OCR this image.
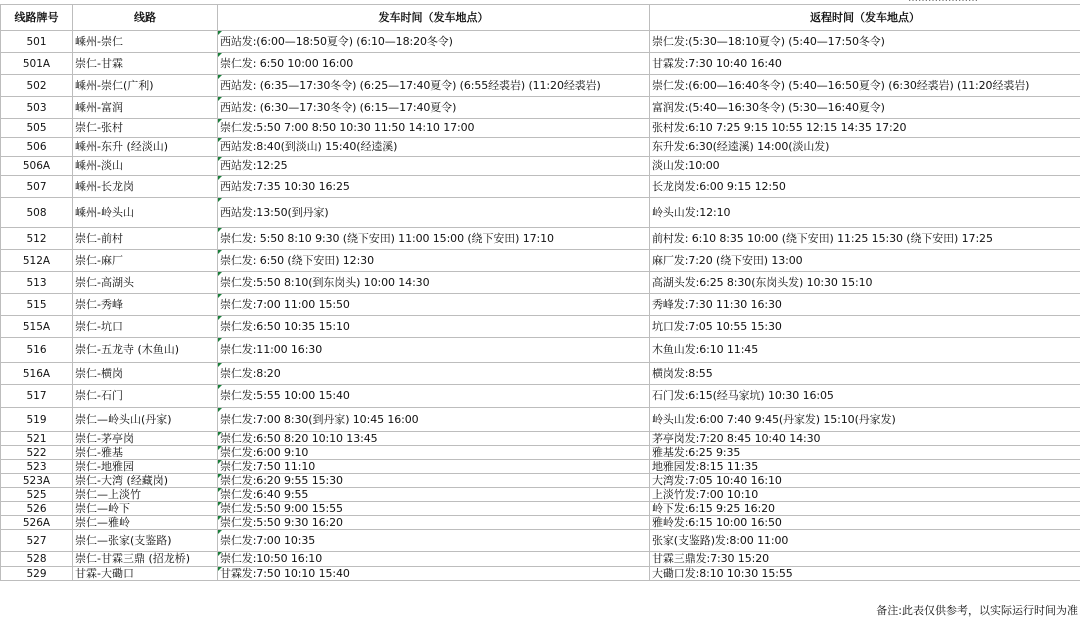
线路牌号	线路	发车时间（发车地点）	返程时间（发车地点）
501	嵊州-崇仁	西站发:(6:00—18:50夏令) (6:10—18:20冬令)	崇仁发:(5:30—18:10夏令) (5:40—17:50冬令)
501A	崇仁-甘霖	崇仁发: 6:50 10:00 16:00	甘霖发:7:30 10:40 16:40
502	嵊州-崇仁(广利)	西站发: (6:35—17:30冬令) (6:25—17:40夏令) (6:55经裘岩) (11:20经裘岩)	崇仁发:(6:00—16:40冬令) (5:40—16:50夏令) (6:30经裘岩) (11:20经裘岩)
503	嵊州-富润	西站发: (6:30—17:30冬令) (6:15—17:40夏令)	富润发:(5:40—16:30冬令) (5:30—16:40夏令)
505	崇仁-张村	崇仁发:5:50 7:00 8:50 10:30 11:50 14:10 17:00	张村发:6:10 7:25 9:15 10:55 12:15 14:35 17:20
506	嵊州-东升 (经淡山)	西站发:8:40(到淡山) 15:40(经逵溪)	东升发:6:30(经逵溪) 14:00(淡山发)
506A	嵊州-淡山	西站发:12:25	淡山发:10:00
507	嵊州-长龙岗	西站发:7:35 10:30 16:25	长龙岗发:6:00 9:15 12:50
508	嵊州-岭头山	西站发:13:50(到丹家)	岭头山发:12:10
512	崇仁-前村	崇仁发: 5:50 8:10 9:30 (绕下安田) 11:00 15:00 (绕下安田) 17:10	前村发: 6:10 8:35 10:00 (绕下安田) 11:25 15:30 (绕下安田) 17:25
512A	崇仁-麻厂	崇仁发: 6:50 (绕下安田) 12:30	麻厂发:7:20 (绕下安田) 13:00
513	崇仁-高湖头	崇仁发:5:50 8:10(到东岗头) 10:00 14:30	高湖头发:6:25 8:30(东岗头发) 10:30 15:10
515	崇仁-秀峰	崇仁发:7:00 11:00 15:50	秀峰发:7:30 11:30 16:30
515A	崇仁-坑口	崇仁发:6:50 10:35 15:10	坑口发:7:05 10:55 15:30
516	崇仁-五龙寺 (木鱼山)	崇仁发:11:00 16:30	木鱼山发:6:10 11:45
516A	崇仁-横岗	崇仁发:8:20	横岗发:8:55
517	崇仁-石门	崇仁发:5:55 10:00 15:40	石门发:6:15(经马家坑) 10:30 16:05
519	崇仁—岭头山(丹家)	崇仁发:7:00 8:30(到丹家) 10:45 16:00	岭头山发:6:00 7:40 9:45(丹家发) 15:10(丹家发)
521	崇仁-茅亭岗	崇仁发:6:50 8:20 10:10 13:45	茅亭岗发:7:20 8:45 10:40 14:30
522	崇仁-雅基	崇仁发:6:00 9:10	雅基发:6:25 9:35
523	崇仁-地雅园	崇仁发:7:50 11:10	地雅园发:8:15 11:35
523A	崇仁-大湾 (经藏岗)	崇仁发:6:20 9:55 15:30	大湾发:7:05 10:40 16:10
525	崇仁—上淡竹	崇仁发:6:40 9:55	上淡竹发:7:00 10:10
526	崇仁—岭下	崇仁发:5:50 9:00 15:55	岭下发:6:15 9:25 16:20
526A	崇仁—雅岭	崇仁发:5:50 9:30 16:20	雅岭发:6:15 10:00 16:50
527	崇仁—张家(支鉴路)	崇仁发:7:00 10:35	张家(支鉴路)发:8:00 11:00
528	崇仁-甘霖三鼎 (招龙桥)	崇仁发:10:50 16:10	甘霖三鼎发:7:30 15:20
529	甘霖-大磡口	甘霖发:7:50 10:10 15:40	大磡口发:8:10 10:30 15:55
备注:此表仅供参考，以实际运行时间为准
